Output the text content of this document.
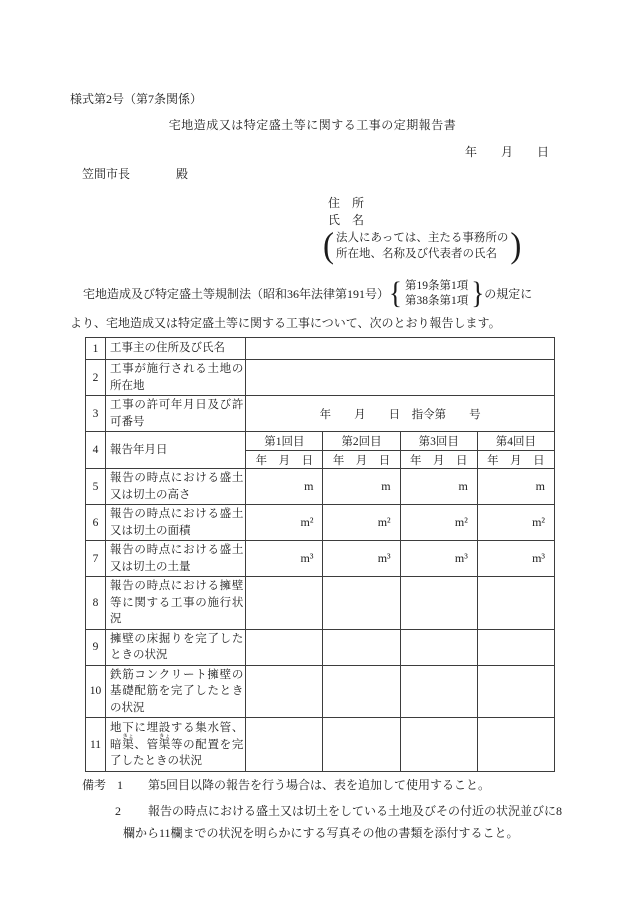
様式第2号（第7条関係）
宅地造成又は特定盛土等に関する工事の定期報告書
年　　月　　日
笠間市長	殿
住　所
氏　名
( 法人にあっては、主たる事務所の
所在地、名称及び代表者の氏名 )
宅地造成及び特定盛土等規制法（昭和36年法律第191号） { 第19条第1項
第38条第1項 } の規定に
より、宅地造成又は特定盛土等に関する工事について、次のとおり報告します。
1	工事主の住所及び氏名				
2	工事が施行される土地の所在地				
3	工事の許可年月日及び許可番号	年　　月　　日　指令第　　号			
4	報告年月日	第1回目	第2回目	第3回目	第4回目
		年　月　日	年　月　日	年　月　日	年　月　日
5	報告の時点における盛土又は切土の高さ	m	m	m	m
6	報告の時点における盛土又は切土の面積	m²	m²	m²	m²
7	報告の時点における盛土又は切土の土量	m³	m³	m³	m³
8	報告の時点における擁壁等に関する工事の施行状況				
9	擁壁の床掘りを完了したときの状況				
10	鉄筋コンクリート擁壁の基礎配筋を完了したときの状況				
11	地下に埋設する集水管、暗渠きょ、管渠きょ等の配置を完了したときの状況				
備考 1 第5回目以降の報告を行う場合は、表を追加して使用すること。
2 報告の時点における盛土又は切土をしている土地及びその付近の状況並びに8欄から11欄までの状況を明らかにする写真その他の書類を添付すること。
